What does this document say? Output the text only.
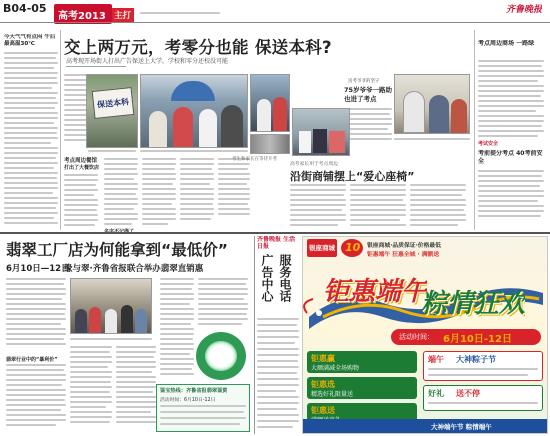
B04-05
高考2013 主打
齐鲁晚报
交上两万元，考零分也能 保送本科?
高考现开场街人打出广告保送上大学，学校和零分还校没可能
今天气气有点闷 午后最高温30℃
保送本科
考点周边餐馆
打出了大餐饮店
考生和家长在等待开考
送考爷爷的坚守
75岁爷爷一路助 也进了考点
高考家长用于考点周边
沿街商铺摆上“爱心座椅”
考点周边商场 一路绿
考试安全
考前提分考点 40考前安全
翡翠工厂店为何能拿到“最低价”
6月10日—12日
缘与翠·齐鲁省报联合举办翡翠直销惠
翡翠行业中的“暴利价”
鉴宝热线：齐鲁省报翡翠鉴赏
活动时间：6月10日-12日
齐鲁晚报 生活日报
广告中心 服务电话
银座商城 10 银座商城·品质保证·价格最低
钜惠端午 狂惠全城 · 满额送
钜惠端午
粽情狂欢
活动时间： 6月10日-12日
钜惠赢
大额满减全场购物
钜惠选
精选好礼限量送
钜惠送
端午 大神粽子节
好礼 送不停
大神端午节 粽情端午
